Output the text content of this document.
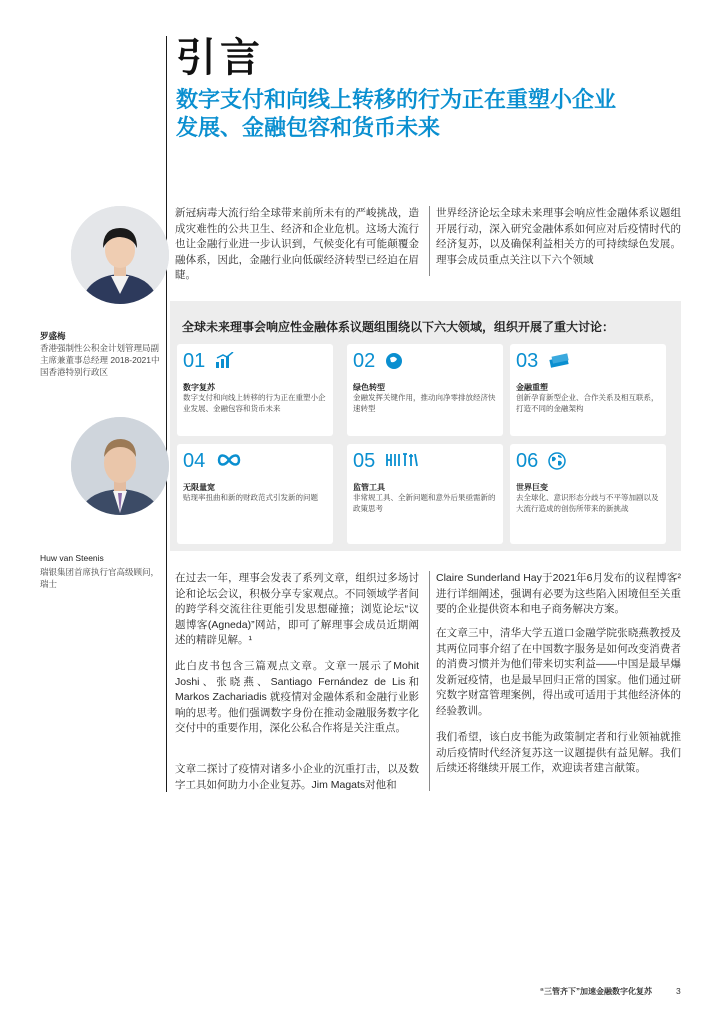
引言
数字支付和向线上转移的行为正在重塑小企业发展、金融包容和货币未来
罗盛梅
香港强制性公积金计划管理局副主席兼董事总经理 2018-2021中国香港特别行政区
Huw van Steenis
瑞银集团首席执行官高级顾问，瑞士
新冠病毒大流行给全球带来前所未有的严峻挑战，造成灾难性的公共卫生、经济和企业危机。这场大流行也让金融行业进一步认识到，气候变化有可能颠覆金融体系，因此，金融行业向低碳经济转型已经迫在眉睫。
世界经济论坛全球未来理事会响应性金融体系议题组开展行动，深入研究金融体系如何应对后疫情时代的经济复苏，以及确保利益相关方的可持续绿色发展。理事会成员重点关注以下六个领域
全球未来理事会响应性金融体系议题组围绕以下六大领域，组织开展了重大讨论：
01
数字复苏
数字支付和向线上转移的行为正在重塑小企业发展、金融包容和货币未来
02
绿色转型
金融发挥关键作用，推动向净零排放经济快速转型
03
金融重塑
创新孕育新型企业、合作关系及相互联系，打造不同的金融架构
04
无限量宽
贴现率扭曲和新的财政范式引发新的问题
05
监管工具
非常规工具、全新问题和意外后果亟需新的政策思考
06
世界巨变
去全球化、意识形态分歧与不平等加剧以及大流行造成的创伤所带来的新挑战
在过去一年，理事会发表了系列文章，组织过多场讨论和论坛会议，积极分享专家观点。不同领域学者间的跨学科交流往往更能引发思想碰撞；浏览论坛“议题博客(Agneda)”网站，即可了解理事会成员近期阐述的精辟见解。¹
此白皮书包含三篇观点文章。文章一展示了Mohit Joshi、张晓燕、Santiago Fernández de Lis和Markos Zachariadis 就疫情对金融体系和金融行业影响的思考。他们强调数字身份在推动金融服务数字化交付中的重要作用，深化公私合作将是关注重点。
文章二探讨了疫情对诸多小企业的沉重打击，以及数字工具如何助力小企业复苏。Jim Magats对他和
Claire Sunderland Hay于2021年6月发布的议程博客²进行详细阐述，强调有必要为这些陷入困境但至关重要的企业提供资本和电子商务解决方案。
在文章三中，清华大学五道口金融学院张晓燕教授及其两位同事介绍了在中国数字服务是如何改变消费者的消费习惯并为他们带来切实利益——中国是最早爆发新冠疫情，也是最早回归正常的国家。他们通过研究数字财富管理案例，得出或可适用于其他经济体的经验教训。
我们希望，该白皮书能为政策制定者和行业领袖就推动后疫情时代经济复苏这一议题提供有益见解。我们后续还将继续开展工作，欢迎读者建言献策。
“三管齐下”加速金融数字化复苏	3
